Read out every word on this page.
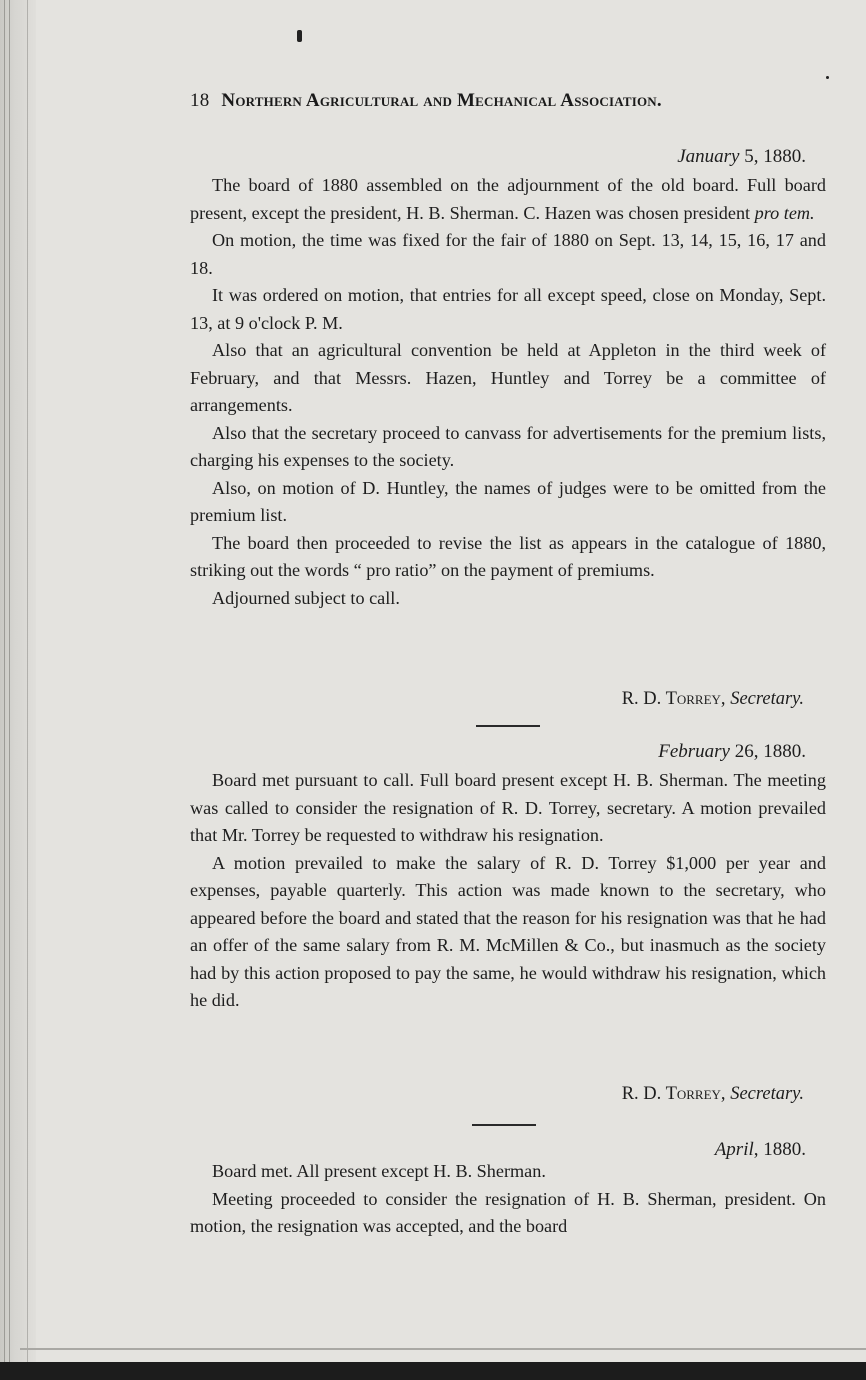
18 Northern Agricultural and Mechanical Association.
January 5, 1880.

The board of 1880 assembled on the adjournment of the old board. Full board present, except the president, H. B. Sherman. C. Hazen was chosen president pro tem.

On motion, the time was fixed for the fair of 1880 on Sept. 13, 14, 15, 16, 17 and 18.

It was ordered on motion, that entries for all except speed, close on Monday, Sept. 13, at 9 o'clock P. M.

Also that an agricultural convention be held at Appleton in the third week of February, and that Messrs. Hazen, Huntley and Torrey be a committee of arrangements.

Also that the secretary proceed to canvass for advertisements for the premium lists, charging his expenses to the society.

Also, on motion of D. Huntley, the names of judges were to be omitted from the premium list.

The board then proceeded to revise the list as appears in the catalogue of 1880, striking out the words “ pro ratio” on the payment of premiums.

Adjourned subject to call.

R. D. Torrey, Secretary.
February 26, 1880.

Board met pursuant to call. Full board present except H. B. Sherman. The meeting was called to consider the resignation of R. D. Torrey, secretary. A motion prevailed that Mr. Torrey be requested to withdraw his resignation.

A motion prevailed to make the salary of R. D. Torrey $1,000 per year and expenses, payable quarterly. This action was made known to the secretary, who appeared before the board and stated that the reason for his resignation was that he had an offer of the same salary from R. M. McMillen & Co., but inasmuch as the society had by this action proposed to pay the same, he would withdraw his resignation, which he did.

R. D. Torrey, Secretary.
April, 1880.

Board met. All present except H. B. Sherman.

Meeting proceeded to consider the resignation of H. B. Sherman, president. On motion, the resignation was accepted, and the board
